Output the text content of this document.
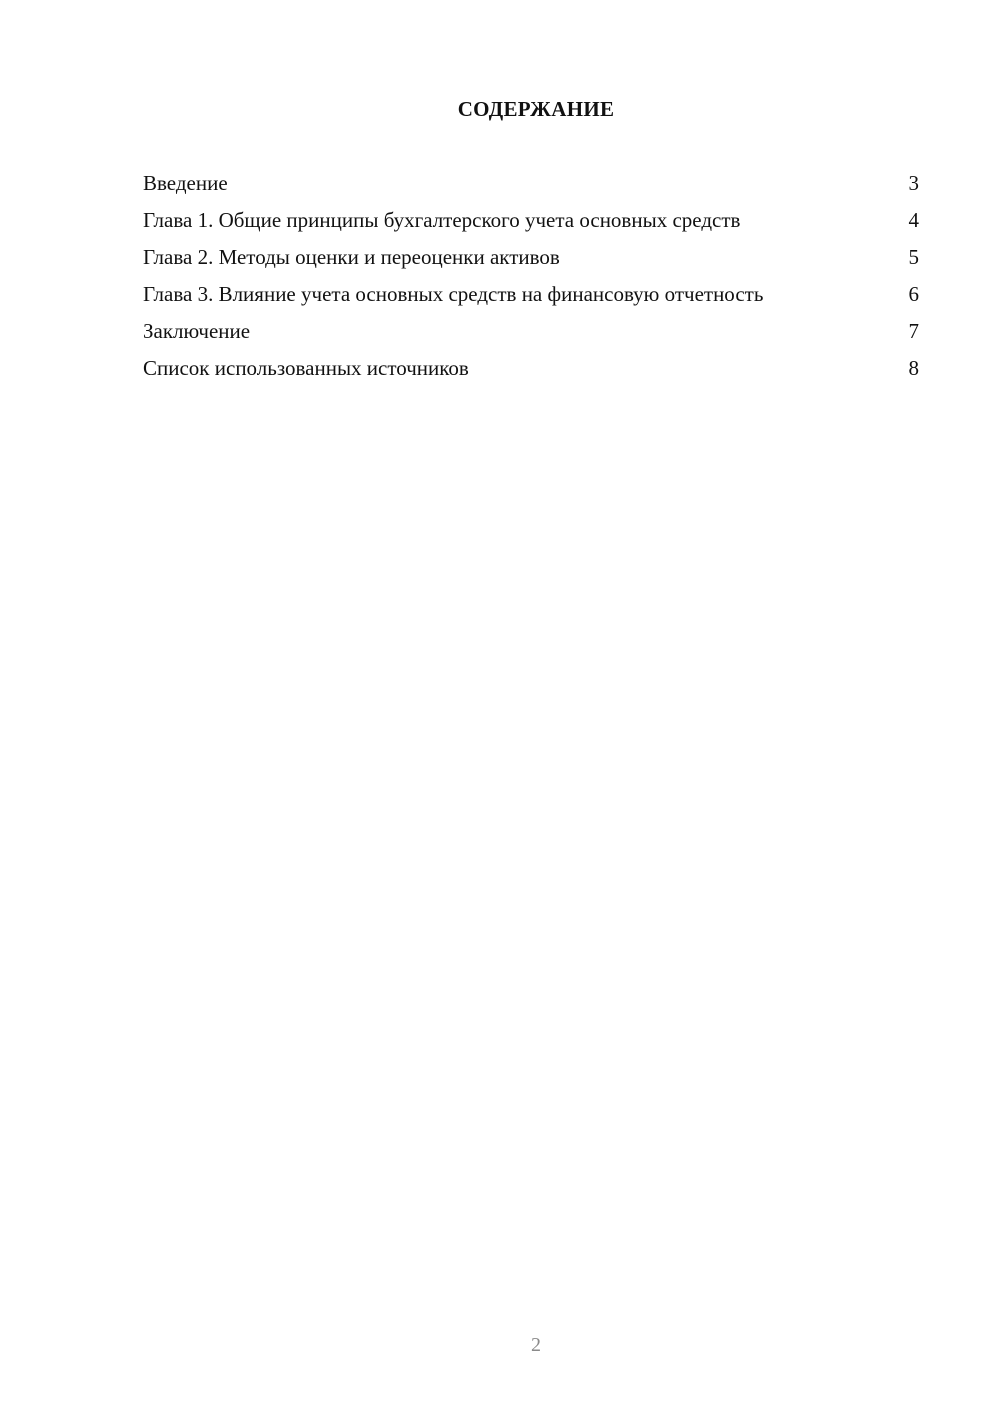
СОДЕРЖАНИЕ
Введение	3
Глава 1. Общие принципы бухгалтерского учета основных средств	4
Глава 2. Методы оценки и переоценки активов	5
Глава 3. Влияние учета основных средств на финансовую отчетность	6
Заключение	7
Список использованных источников	8
2
